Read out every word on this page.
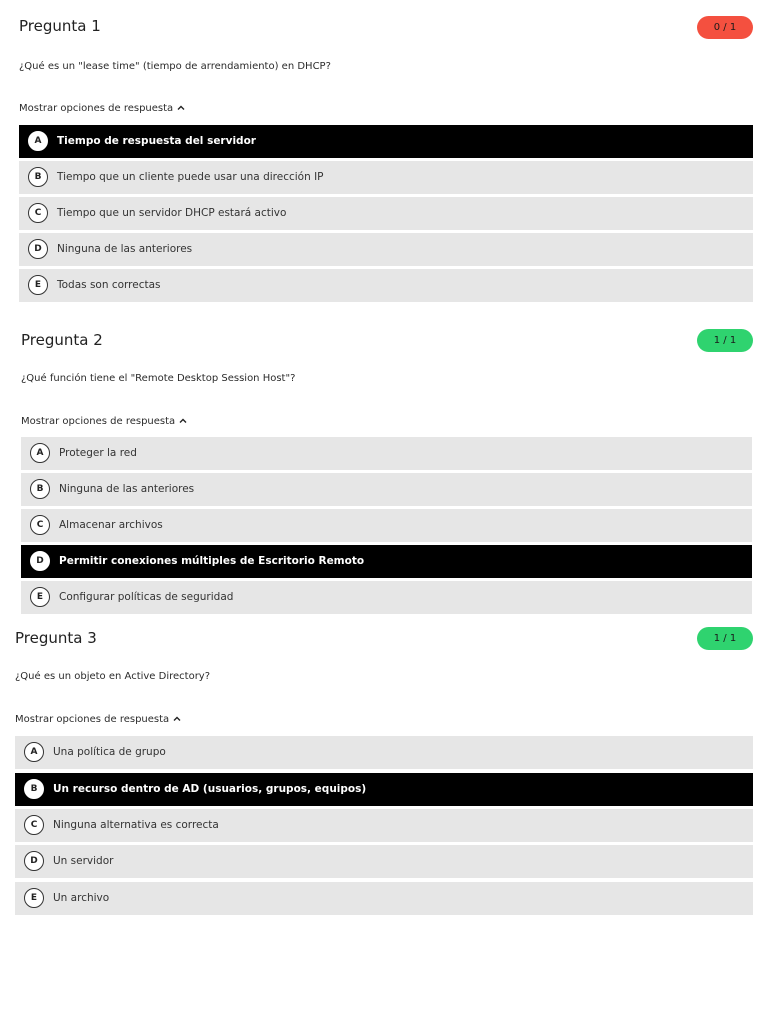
Pregunta 1	0 / 1
¿Qué es un "lease time" (tiempo de arrendamiento) en DHCP?
Mostrar opciones de respuesta
A	Tiempo de respuesta del servidor
B	Tiempo que un cliente puede usar una dirección IP
C	Tiempo que un servidor DHCP estará activo
D	Ninguna de las anteriores
E	Todas son correctas
Pregunta 2	1 / 1
¿Qué función tiene el "Remote Desktop Session Host"?
Mostrar opciones de respuesta
A	Proteger la red
B	Ninguna de las anteriores
C	Almacenar archivos
D	Permitir conexiones múltiples de Escritorio Remoto
E	Configurar políticas de seguridad
Pregunta 3	1 / 1
¿Qué es un objeto en Active Directory?
Mostrar opciones de respuesta
A	Una política de grupo
B	Un recurso dentro de AD (usuarios, grupos, equipos)
C	Ninguna alternativa es correcta
D	Un servidor
E	Un archivo
